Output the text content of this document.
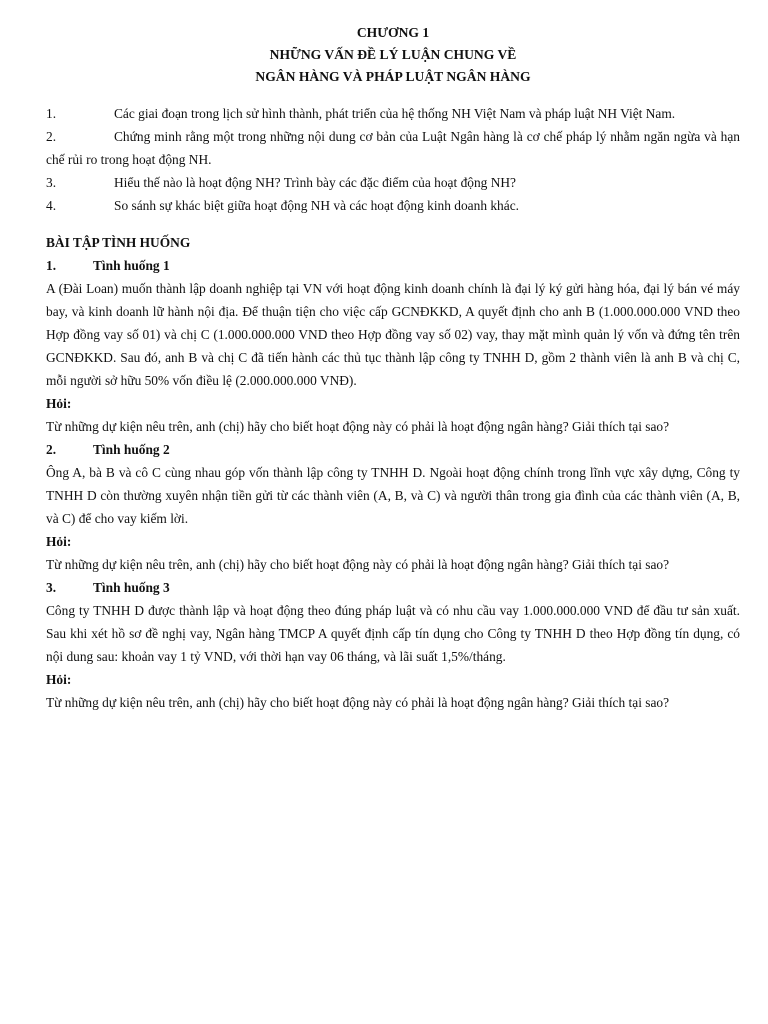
CHƯƠNG 1
NHỮNG VẤN ĐỀ LÝ LUẬN CHUNG VỀ
NGÂN HÀNG VÀ PHÁP LUẬT NGÂN HÀNG
1.	Các giai đoạn trong lịch sử hình thành, phát triển của hệ thống NH Việt Nam và pháp luật NH Việt Nam.
2.	Chứng minh rằng một trong những nội dung cơ bản của Luật Ngân hàng là cơ chế pháp lý nhằm ngăn ngừa và hạn chế rủi ro trong hoạt động NH.
3.	Hiểu thế nào là hoạt động NH? Trình bày các đặc điểm của hoạt động NH?
4.	So sánh sự khác biệt giữa hoạt động NH và các hoạt động kinh doanh khác.
BÀI TẬP TÌNH HUỐNG
1.	Tình huống 1
A (Đài Loan) muốn thành lập doanh nghiệp tại VN với hoạt động kinh doanh chính là đại lý ký gửi hàng hóa, đại lý bán vé máy bay, và kinh doanh lữ hành nội địa. Để thuận tiện cho việc cấp GCNĐKKD, A quyết định cho anh B (1.000.000.000 VND theo Hợp đồng vay số 01) và chị C (1.000.000.000 VND theo Hợp đồng vay số 02) vay, thay mặt mình quản lý vốn và đứng tên trên GCNĐKKD. Sau đó, anh B và chị C đã tiến hành các thủ tục thành lập công ty TNHH D, gồm 2 thành viên là anh B và chị C, mỗi người sở hữu 50% vốn điều lệ (2.000.000.000 VNĐ).
Hỏi:
Từ những dự kiện nêu trên, anh (chị) hãy cho biết hoạt động này có phải là hoạt động ngân hàng? Giải thích tại sao?
2.	Tình huống 2
Ông A, bà B và cô C cùng nhau góp vốn thành lập công ty TNHH D. Ngoài hoạt động chính trong lĩnh vực xây dựng, Công ty TNHH D còn thường xuyên nhận tiền gửi từ các thành viên (A, B, và C) và người thân trong gia đình của các thành viên (A, B, và C) để cho vay kiếm lời.
Hỏi:
Từ những dự kiện nêu trên, anh (chị) hãy cho biết hoạt động này có phải là hoạt động ngân hàng? Giải thích tại sao?
3.	Tình huống 3
Công ty TNHH D được thành lập và hoạt động theo đúng pháp luật và có nhu cầu vay 1.000.000.000 VND để đầu tư sản xuất. Sau khi xét hồ sơ đề nghị vay, Ngân hàng TMCP A quyết định cấp tín dụng cho Công ty TNHH D theo Hợp đồng tín dụng, có nội dung sau: khoản vay 1 tỷ VND, với thời hạn vay 06 tháng, và lãi suất 1,5%/tháng.
Hỏi:
Từ những dự kiện nêu trên, anh (chị) hãy cho biết hoạt động này có phải là hoạt động ngân hàng? Giải thích tại sao?
